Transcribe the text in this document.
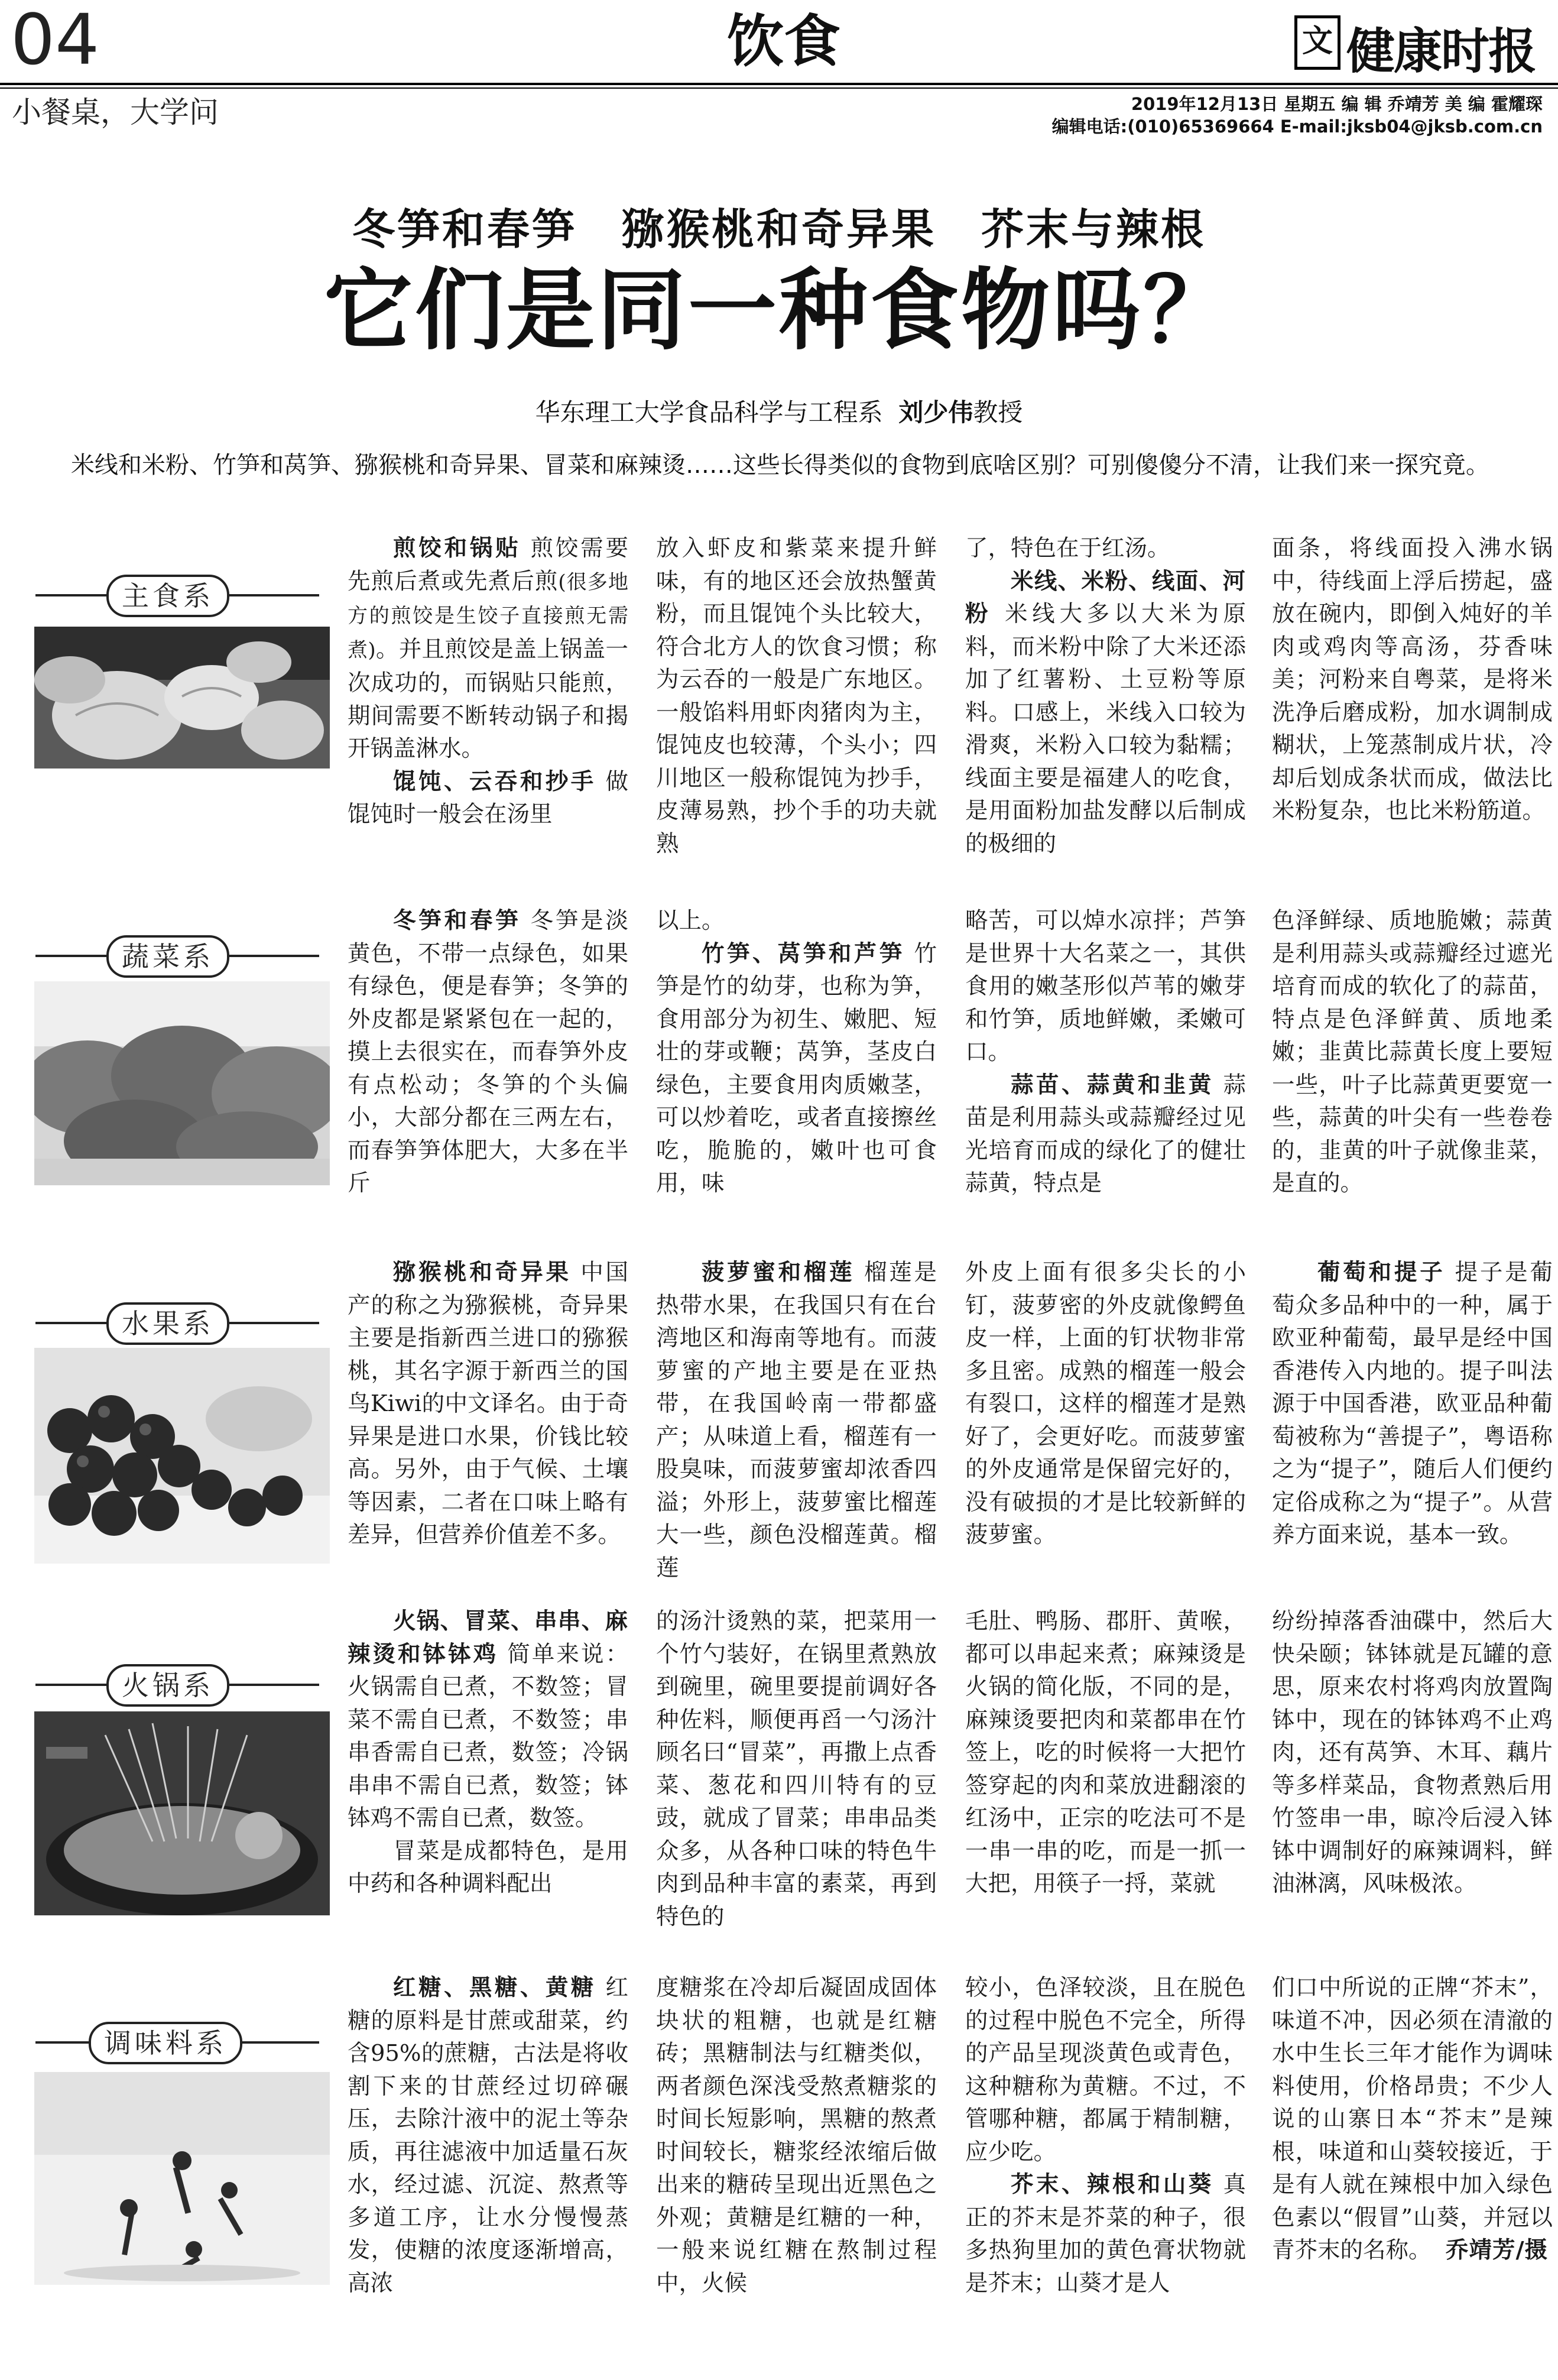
04	饮食	文 健康时报
小餐桌，大学问	2019年12月13日 星期五 编 辑 乔靖芳 美 编 霍耀琛
编辑电话:(010)65369664 E-mail:jksb04@jksb.com.cn
冬笋和春笋　猕猴桃和奇异果　芥末与辣根
它们是同一种食物吗？
华东理工大学食品科学与工程系 刘少伟教授
米线和米粉、竹笋和莴笋、猕猴桃和奇异果、冒菜和麻辣烫……这些长得类似的食物到底啥区别？可别傻傻分不清，让我们来一探究竟。
主食系

煎饺和锅贴 煎饺需要先煎后煮或先煮后煎(很多地方的煎饺是生饺子直接煎无需煮)。并且煎饺是盖上锅盖一次成功的，而锅贴只能煎，期间需要不断转动锅子和揭开锅盖淋水。

馄饨、云吞和抄手 做馄饨时一般会在汤里

放入虾皮和紫菜来提升鲜味，有的地区还会放热蟹黄粉，而且馄饨个头比较大，符合北方人的饮食习惯；称为云吞的一般是广东地区。一般馅料用虾肉猪肉为主，馄饨皮也较薄，个头小；四川地区一般称馄饨为抄手，皮薄易熟，抄个手的功夫就熟

了，特色在于红汤。

米线、米粉、线面、河粉 米线大多以大米为原料，而米粉中除了大米还添加了红薯粉、土豆粉等原料。口感上，米线入口较为滑爽，米粉入口较为黏糯；线面主要是福建人的吃食，是用面粉加盐发酵以后制成的极细的

面条，将线面投入沸水锅中，待线面上浮后捞起，盛放在碗内，即倒入炖好的羊肉或鸡肉等高汤，芬香味美；河粉来自粤菜，是将米洗净后磨成粉，加水调制成糊状，上笼蒸制成片状，冷却后划成条状而成，做法比米粉复杂，也比米粉筋道。

蔬菜系

冬笋和春笋 冬笋是淡黄色，不带一点绿色，如果有绿色，便是春笋；冬笋的外皮都是紧紧包在一起的，摸上去很实在，而春笋外皮有点松动；冬笋的个头偏小，大部分都在三两左右，而春笋笋体肥大，大多在半斤

以上。

竹笋、莴笋和芦笋 竹笋是竹的幼芽，也称为笋，食用部分为初生、嫩肥、短壮的芽或鞭；莴笋，茎皮白绿色，主要食用肉质嫩茎，可以炒着吃，或者直接擦丝吃，脆脆的，嫩叶也可食用，味

略苦，可以焯水凉拌；芦笋是世界十大名菜之一，其供食用的嫩茎形似芦苇的嫩芽和竹笋，质地鲜嫩，柔嫩可口。

蒜苗、蒜黄和韭黄 蒜苗是利用蒜头或蒜瓣经过见光培育而成的绿化了的健壮蒜黄，特点是

色泽鲜绿、质地脆嫩；蒜黄是利用蒜头或蒜瓣经过遮光培育而成的软化了的蒜苗，特点是色泽鲜黄、质地柔嫩；韭黄比蒜黄长度上要短一些，叶子比蒜黄更要宽一些，蒜黄的叶尖有一些卷卷的，韭黄的叶子就像韭菜，是直的。

水果系

猕猴桃和奇异果 中国产的称之为猕猴桃，奇异果主要是指新西兰进口的猕猴桃，其名字源于新西兰的国鸟Kiwi的中文译名。由于奇异果是进口水果，价钱比较高。另外，由于气候、土壤等因素，二者在口味上略有差异，但营养价值差不多。

菠萝蜜和榴莲 榴莲是热带水果，在我国只有在台湾地区和海南等地有。而菠萝蜜的产地主要是在亚热带，在我国岭南一带都盛产；从味道上看，榴莲有一股臭味，而菠萝蜜却浓香四溢；外形上，菠萝蜜比榴莲大一些，颜色没榴莲黄。榴莲

外皮上面有很多尖长的小钉，菠萝密的外皮就像鳄鱼皮一样，上面的钉状物非常多且密。成熟的榴莲一般会有裂口，这样的榴莲才是熟好了，会更好吃。而菠萝蜜的外皮通常是保留完好的，没有破损的才是比较新鲜的菠萝蜜。

葡萄和提子 提子是葡萄众多品种中的一种，属于欧亚种葡萄，最早是经中国香港传入内地的。提子叫法源于中国香港，欧亚品种葡萄被称为“善提子”，粤语称之为“提子”，随后人们便约定俗成称之为“提子”。从营养方面来说，基本一致。

火锅系

火锅、冒菜、串串、麻辣烫和钵钵鸡 简单来说：火锅需自已煮，不数签；冒菜不需自已煮，不数签；串串香需自已煮，数签；冷锅串串不需自已煮，数签；钵钵鸡不需自已煮，数签。

冒菜是成都特色，是用中药和各种调料配出

的汤汁烫熟的菜，把菜用一个竹勺装好，在锅里煮熟放到碗里，碗里要提前调好各种佐料，顺便再舀一勺汤汁顾名曰“冒菜”，再撒上点香菜、葱花和四川特有的豆豉，就成了冒菜；串串品类众多，从各种口味的特色牛肉到品种丰富的素菜，再到特色的

毛肚、鸭肠、郡肝、黄喉，都可以串起来煮；麻辣烫是火锅的简化版，不同的是，麻辣烫要把肉和菜都串在竹签上，吃的时候将一大把竹签穿起的肉和菜放进翻滚的红汤中，正宗的吃法可不是一串一串的吃，而是一抓一大把，用筷子一捋，菜就

纷纷掉落香油碟中，然后大快朵颐；钵钵就是瓦罐的意思，原来农村将鸡肉放置陶钵中，现在的钵钵鸡不止鸡肉，还有莴笋、木耳、藕片等多样菜品，食物煮熟后用竹签串一串，晾冷后浸入钵钵中调制好的麻辣调料，鲜油淋漓，风味极浓。

调味料系

红糖、黑糖、黄糖 红糖的原料是甘蔗或甜菜，约含95%的蔗糖，古法是将收割下来的甘蔗经过切碎碾压，去除汁液中的泥土等杂质，再往滤液中加适量石灰水，经过滤、沉淀、熬煮等多道工序，让水分慢慢蒸发，使糖的浓度逐渐增高，高浓

度糖浆在冷却后凝固成固体块状的粗糖，也就是红糖砖；黑糖制法与红糖类似，两者颜色深浅受熬煮糖浆的时间长短影响，黑糖的熬煮时间较长，糖浆经浓缩后做出来的糖砖呈现出近黑色之外观；黄糖是红糖的一种，一般来说红糖在熬制过程中，火候

较小，色泽较淡，且在脱色的过程中脱色不完全，所得的产品呈现淡黄色或青色，这种糖称为黄糖。不过，不管哪种糖，都属于精制糖，应少吃。

芥末、辣根和山葵 真正的芥末是芥菜的种子，很多热狗里加的黄色膏状物就是芥末；山葵才是人

们口中所说的正牌“芥末”，味道不冲，因必须在清澈的水中生长三年才能作为调味料使用，价格昂贵；不少人说的山寨日本“芥末”是辣根，味道和山葵较接近，于是有人就在辣根中加入绿色色素以“假冒”山葵，并冠以青芥末的名称。 乔靖芳/摄
